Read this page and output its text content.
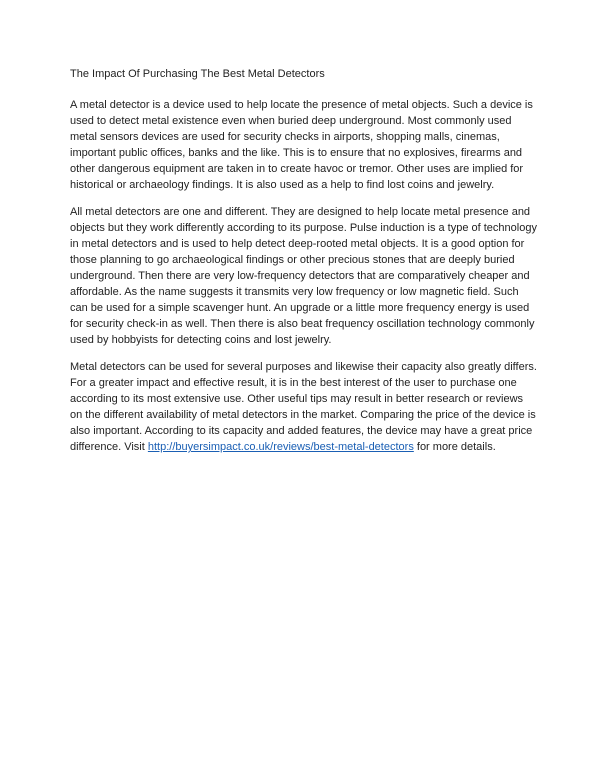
The Impact Of Purchasing The Best Metal Detectors

A metal detector is a device used to help locate the presence of metal objects. Such a device is used to detect metal existence even when buried deep underground. Most commonly used metal sensors devices are used for security checks in airports, shopping malls, cinemas, important public offices, banks and the like. This is to ensure that no explosives, firearms and other dangerous equipment are taken in to create havoc or tremor. Other uses are implied for historical or archaeology findings. It is also used as a help to find lost coins and jewelry.

All metal detectors are one and different. They are designed to help locate metal presence and objects but they work differently according to its purpose. Pulse induction is a type of technology in metal detectors and is used to help detect deep-rooted metal objects. It is a good option for those planning to go archaeological findings or other precious stones that are deeply buried underground. Then there are very low-frequency detectors that are comparatively cheaper and affordable. As the name suggests it transmits very low frequency or low magnetic field. Such can be used for a simple scavenger hunt. An upgrade or a little more frequency energy is used for security check-in as well. Then there is also beat frequency oscillation technology commonly used by hobbyists for detecting coins and lost jewelry.

Metal detectors can be used for several purposes and likewise their capacity also greatly differs. For a greater impact and effective result, it is in the best interest of the user to purchase one according to its most extensive use. Other useful tips may result in better research or reviews on the different availability of metal detectors in the market. Comparing the price of the device is also important. According to its capacity and added features, the device may have a great price difference. Visit http://buyersimpact.co.uk/reviews/best-metal-detectors for more details.
